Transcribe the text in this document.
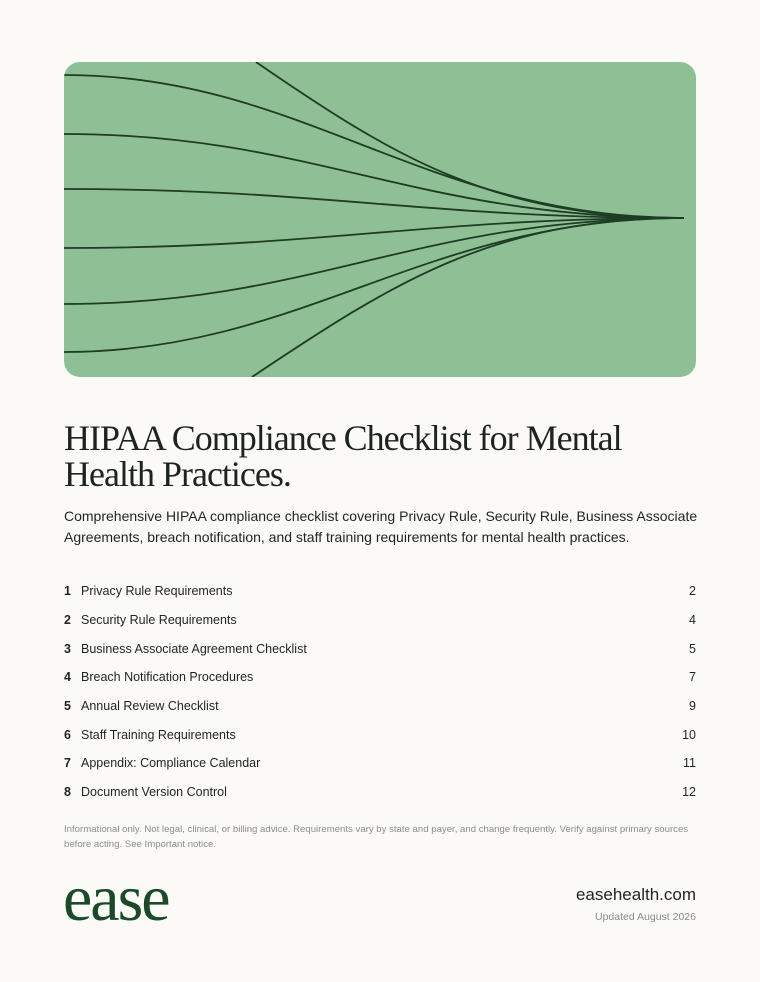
HIPAA Compliance Checklist for Mental Health Practices.

Comprehensive HIPAA compliance checklist covering Privacy Rule, Security Rule, Business Associate Agreements, breach notification, and staff training requirements for mental health practices.

1 Privacy Rule Requirements	2
2 Security Rule Requirements	4
3 Business Associate Agreement Checklist	5
4 Breach Notification Procedures	7
5 Annual Review Checklist	9
6 Staff Training Requirements	10
7 Appendix: Compliance Calendar	11
8 Document Version Control	12

Informational only. Not legal, clinical, or billing advice. Requirements vary by state and payer, and change frequently. Verify against primary sources before acting. See Important notice.

ease	easehealth.com
Updated August 2026
